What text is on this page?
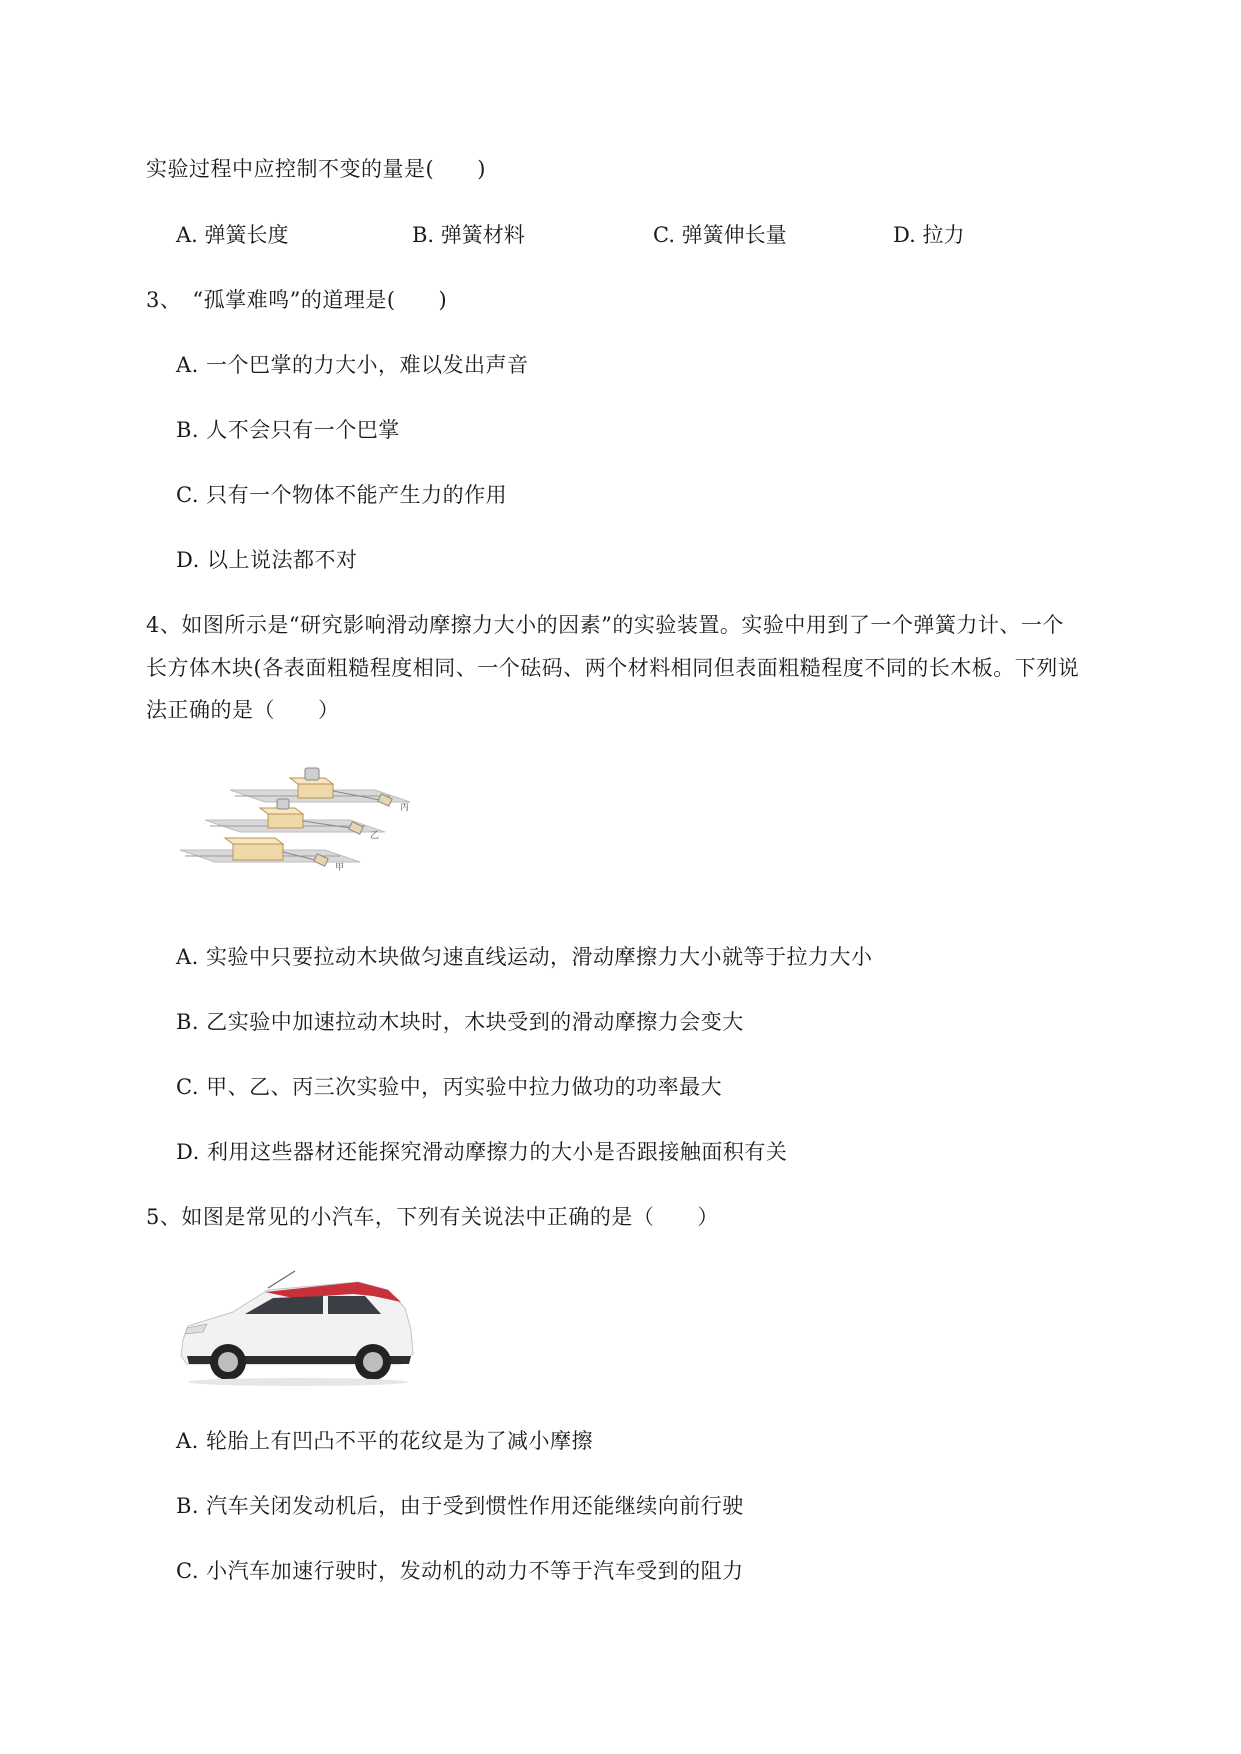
实验过程中应控制不变的量是(　　)
A. 弹簧长度	B. 弹簧材料	C. 弹簧伸长量	D. 拉力
3、　“孤掌难鸣”的道理是(　　)
A. 一个巴掌的力大小，难以发出声音
B. 人不会只有一个巴掌
C. 只有一个物体不能产生力的作用
D. 以上说法都不对
4、如图所示是“研究影响滑动摩擦力大小的因素”的实验装置。实验中用到了一个弹簧力计、一个
长方体木块(各表面粗糙程度相同、一个砝码、两个材料相同但表面粗糙程度不同的长木板。下列说
法正确的是（　　）
丙
乙
甲
A. 实验中只要拉动木块做匀速直线运动，滑动摩擦力大小就等于拉力大小
B. 乙实验中加速拉动木块时，木块受到的滑动摩擦力会变大
C. 甲、乙、丙三次实验中，丙实验中拉力做功的功率最大
D. 利用这些器材还能探究滑动摩擦力的大小是否跟接触面积有关
5、如图是常见的小汽车，下列有关说法中正确的是（　　）
A. 轮胎上有凹凸不平的花纹是为了减小摩擦
B. 汽车关闭发动机后，由于受到惯性作用还能继续向前行驶
C. 小汽车加速行驶时，发动机的动力不等于汽车受到的阻力
